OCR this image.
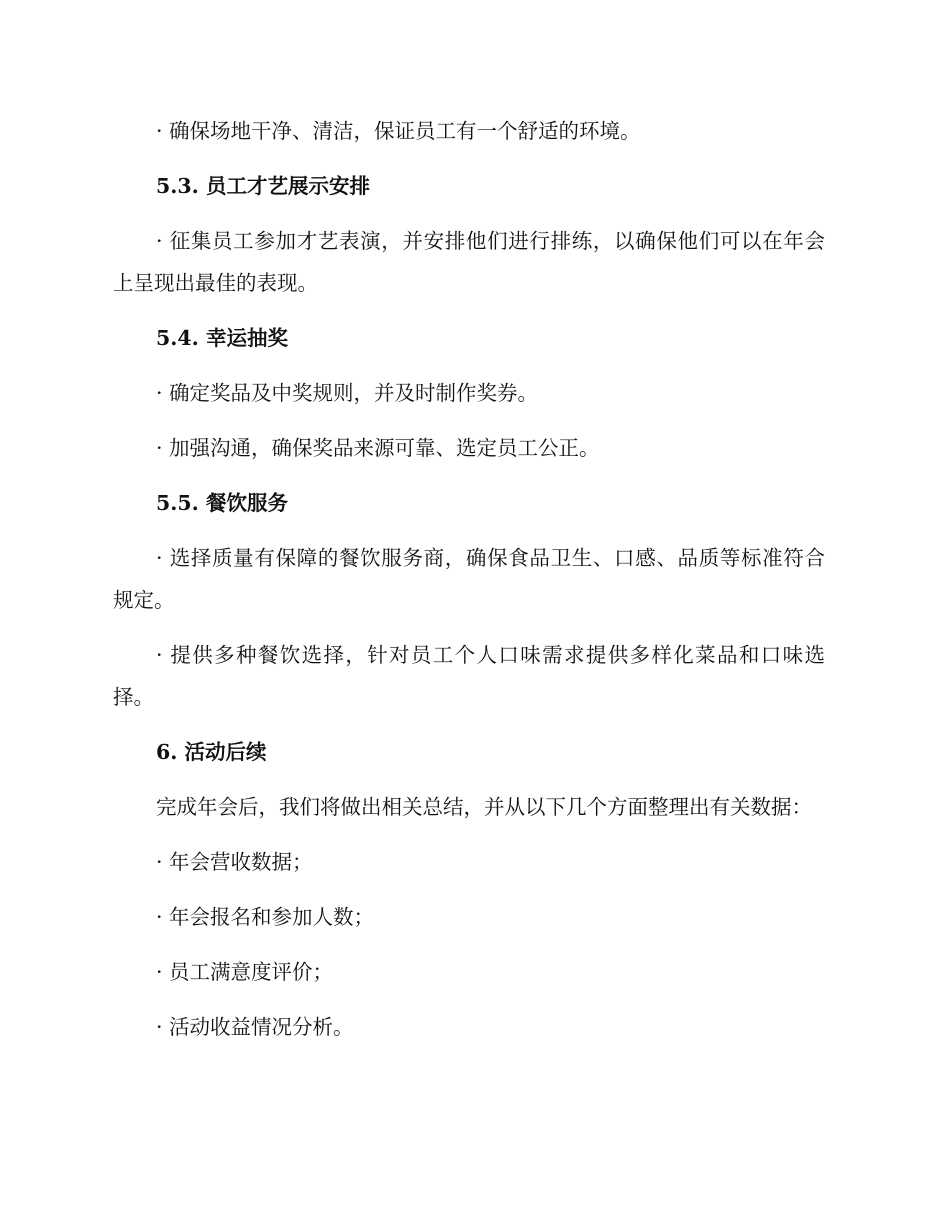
· 确保场地干净、清洁，保证员工有一个舒适的环境。

5.3. 员工才艺展示安排

· 征集员工参加才艺表演，并安排他们进行排练，以确保他们可以在年会上呈现出最佳的表现。

5.4. 幸运抽奖

· 确定奖品及中奖规则，并及时制作奖券。

· 加强沟通，确保奖品来源可靠、选定员工公正。

5.5. 餐饮服务

· 选择质量有保障的餐饮服务商，确保食品卫生、口感、品质等标准符合规定。

· 提供多种餐饮选择，针对员工个人口味需求提供多样化菜品和口味选择。

6. 活动后续

完成年会后，我们将做出相关总结，并从以下几个方面整理出有关数据：

· 年会营收数据；

· 年会报名和参加人数；

· 员工满意度评价；

· 活动收益情况分析。
